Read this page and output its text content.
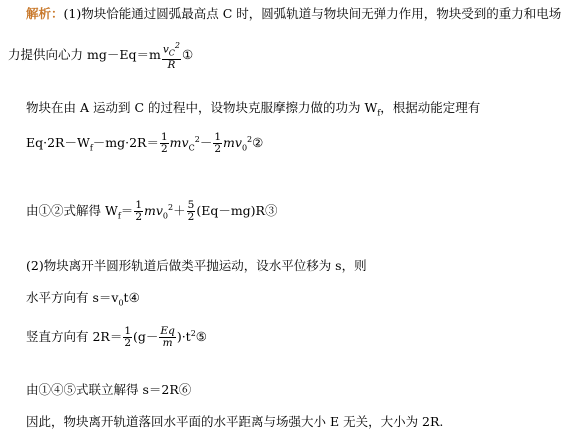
解析：(1)物块恰能通过圆弧最高点 C 时，圆弧轨道与物块间无弹力作用，物块受到的重力和电场
力提供向心力 $mg-Eq=m \frac{v_C^2}{R}$ ①
物块在由 A 运动到 C 的过程中，设物块克服摩擦力做的功为 $W_f$，根据动能定理有
$Eq\cdot 2R-W_f-mg\cdot 2R= \frac{1}{2} mv_C^2- \frac{1}{2}$ $mv_0^2②$
由①②式解得 $W_f= \frac{1}{2} mv_0^2+ \frac{5}{2}$ (Eq－mg)R③
(2)物块离开半圆形轨道后做类平抛运动，设水平位移为 s，则
水平方向有 $s=v_0t④$
竖直方向有 $2R= \frac{1}{2} (g- \frac{Eq}{m}$ )$\cdot t^2⑤$
由①④⑤式联立解得 s＝2R⑥
因此，物块离开轨道落回水平面的水平距离与场强大小 E 无关，大小为 2R.
